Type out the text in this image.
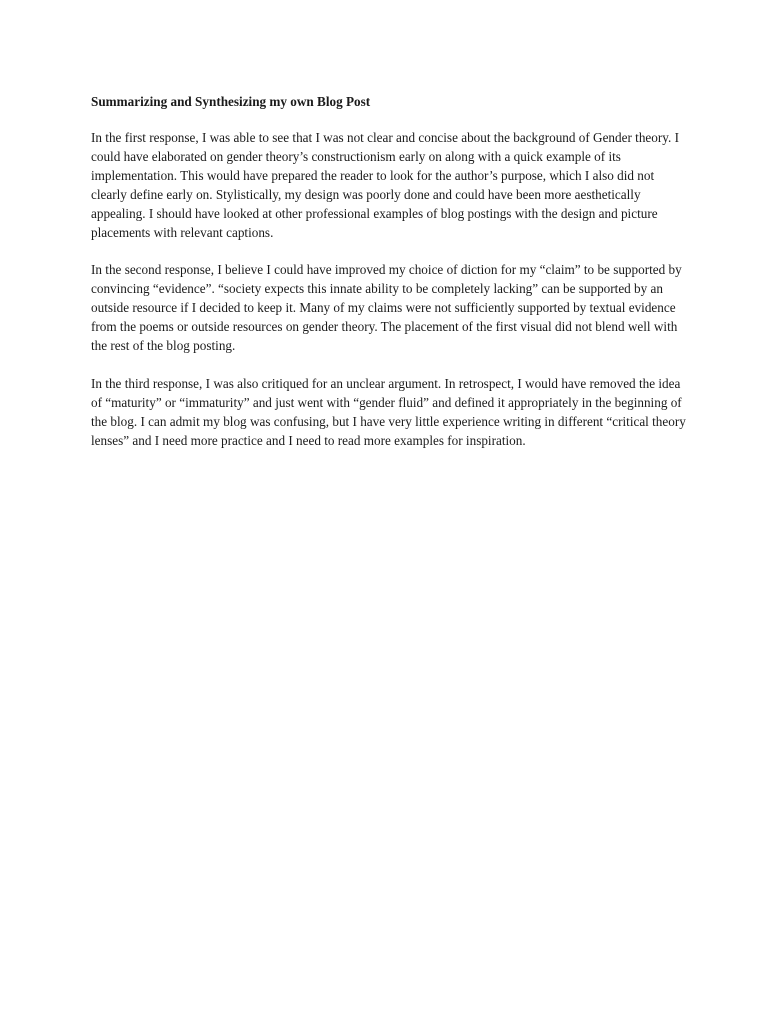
Summarizing and Synthesizing my own Blog Post

In the first response, I was able to see that I was not clear and concise about the background of Gender theory. I could have elaborated on gender theory’s constructionism early on along with a quick example of its implementation. This would have prepared the reader to look for the author’s purpose, which I also did not clearly define early on. Stylistically, my design was poorly done and could have been more aesthetically appealing. I should have looked at other professional examples of blog postings with the design and picture placements with relevant captions.

In the second response, I believe I could have improved my choice of diction for my “claim” to be supported by convincing “evidence”. “society expects this innate ability to be completely lacking” can be supported by an outside resource if I decided to keep it. Many of my claims were not sufficiently supported by textual evidence from the poems or outside resources on gender theory. The placement of the first visual did not blend well with the rest of the blog posting.

In the third response, I was also critiqued for an unclear argument. In retrospect, I would have removed the idea of “maturity” or “immaturity” and just went with “gender fluid” and defined it appropriately in the beginning of the blog. I can admit my blog was confusing, but I have very little experience writing in different “critical theory lenses” and I need more practice and I need to read more examples for inspiration.
